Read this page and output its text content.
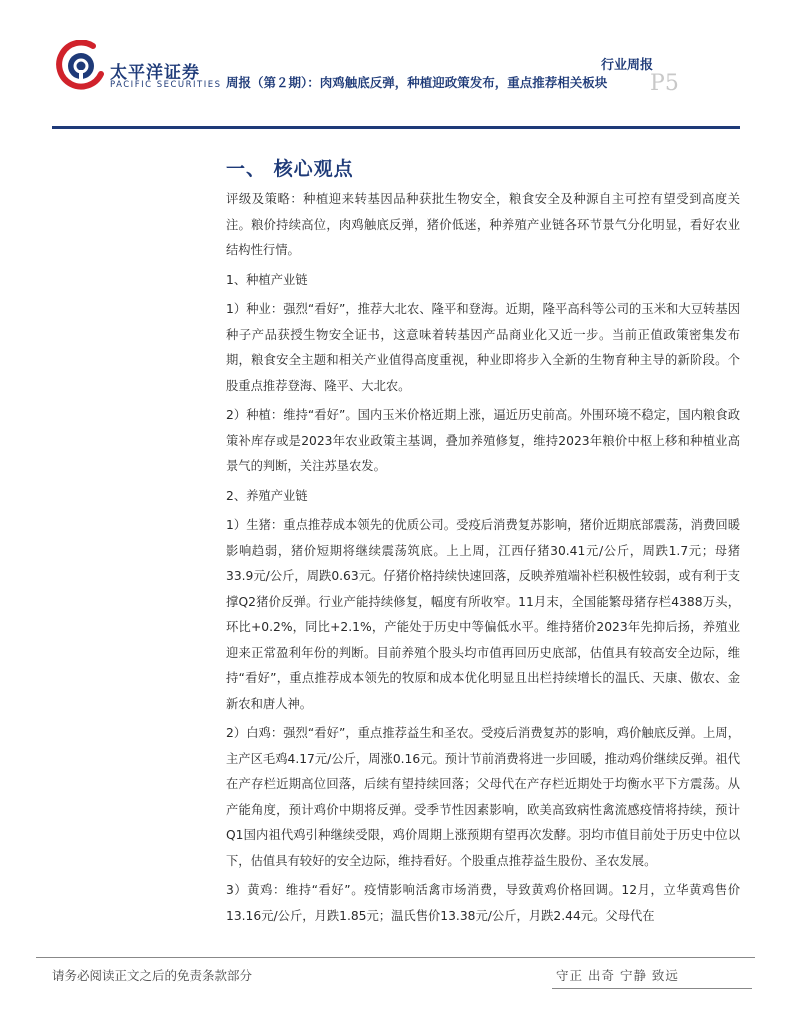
太平洋证券
PACIFIC SECURITIES
行业周报
周报（第２期）：肉鸡触底反弹，种植迎政策发布，重点推荐相关板块 P5
一、 核心观点

评级及策略：种植迎来转基因品种获批生物安全，粮食安全及种源自主可控有望受到高度关注。粮价持续高位，肉鸡触底反弹，猪价低迷，种养殖产业链各环节景气分化明显，看好农业结构性行情。

1、种植产业链

1）种业：强烈“看好”，推荐大北农、隆平和登海。近期，隆平高科等公司的玉米和大豆转基因种子产品获授生物安全证书，这意味着转基因产品商业化又近一步。当前正值政策密集发布期，粮食安全主题和相关产业值得高度重视，种业即将步入全新的生物育种主导的新阶段。个股重点推荐登海、隆平、大北农。

2）种植：维持“看好”。国内玉米价格近期上涨，逼近历史前高。外围环境不稳定，国内粮食政策补库存或是2023年农业政策主基调，叠加养殖修复，维持2023年粮价中枢上移和种植业高景气的判断，关注苏垦农发。

2、养殖产业链

1）生猪：重点推荐成本领先的优质公司。受疫后消费复苏影响，猪价近期底部震荡，消费回暖影响趋弱，猪价短期将继续震荡筑底。上上周，江西仔猪30.41元/公斤，周跌1.7元；母猪33.9元/公斤，周跌0.63元。仔猪价格持续快速回落，反映养殖端补栏积极性较弱，或有利于支撑Q2猪价反弹。行业产能持续修复，幅度有所收窄。11月末，全国能繁母猪存栏4388万头，环比+0.2%，同比+2.1%，产能处于历史中等偏低水平。维持猪价2023年先抑后扬，养殖业迎来正常盈利年份的判断。目前养殖个股头均市值再回历史底部，估值具有较高安全边际，维持“看好”，重点推荐成本领先的牧原和成本优化明显且出栏持续增长的温氏、天康、傲农、金新农和唐人神。

2）白鸡：强烈“看好”，重点推荐益生和圣农。受疫后消费复苏的影响，鸡价触底反弹。上周，主产区毛鸡4.17元/公斤，周涨0.16元。预计节前消费将进一步回暖，推动鸡价继续反弹。祖代在产存栏近期高位回落，后续有望持续回落；父母代在产存栏近期处于均衡水平下方震荡。从产能角度，预计鸡价中期将反弹。受季节性因素影响，欧美高致病性禽流感疫情将持续，预计Q1国内祖代鸡引种继续受限，鸡价周期上涨预期有望再次发酵。羽均市值目前处于历史中位以下，估值具有较好的安全边际，维持看好。个股重点推荐益生股份、圣农发展。

3）黄鸡：维持“看好”。疫情影响活禽市场消费，导致黄鸡价格回调。12月，立华黄鸡售价13.16元/公斤，月跌1.85元；温氏售价13.38元/公斤，月跌2.44元。父母代在

请务必阅读正文之后的免责条款部分	守正 出奇 宁静 致远
